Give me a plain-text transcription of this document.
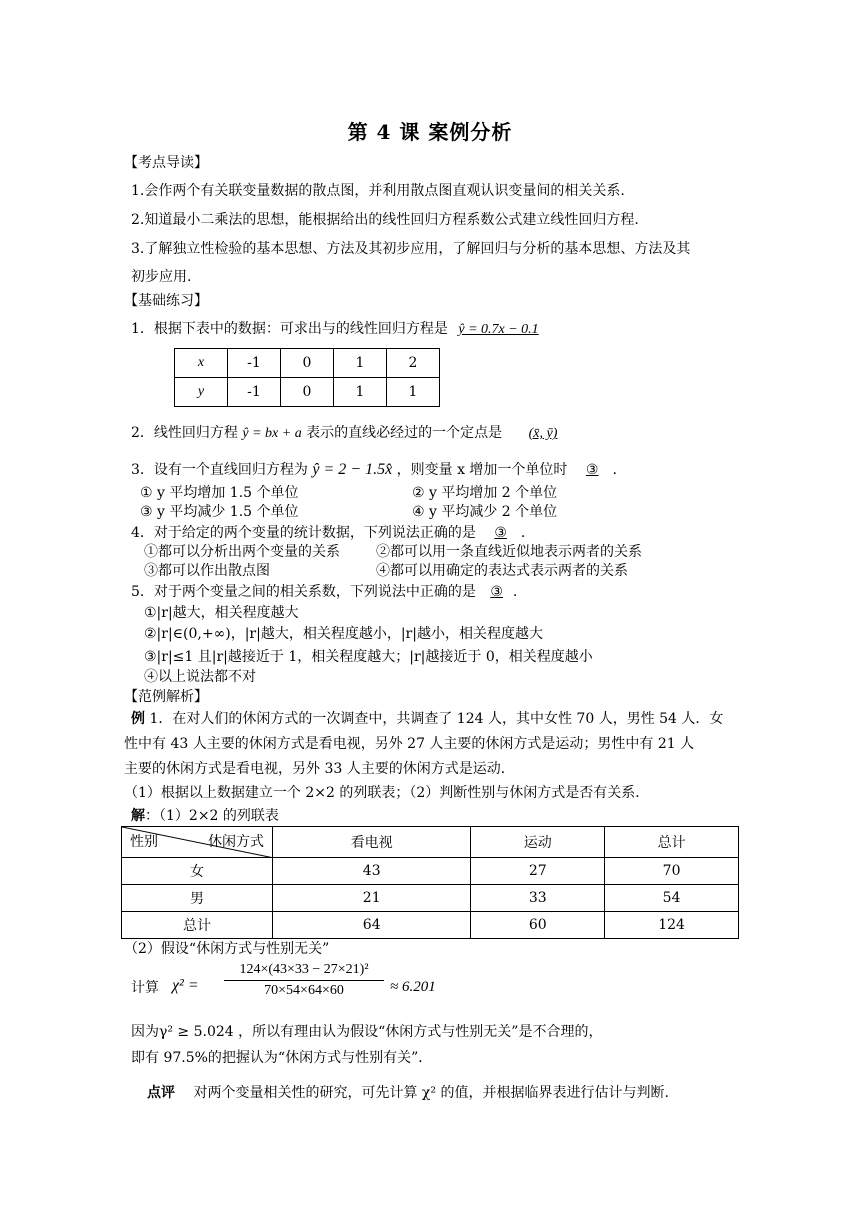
第 4 课 案例分析
【考点导读】
1.会作两个有关联变量数据的散点图，并利用散点图直观认识变量间的相关关系.
2.知道最小二乘法的思想，能根据给出的线性回归方程系数公式建立线性回归方程.
3.了解独立性检验的基本思想、方法及其初步应用，了解回归与分析的基本思想、方法及其
初步应用.
【基础练习】
1．根据下表中的数据：可求出与的线性回归方程是 ŷ = 0.7x − 0.1
x	-1	0	1	2
y	-1	0	1	1
2．线性回归方程 ŷ = bx + a 表示的直线必经过的一个定点是 (x̄, ȳ)
3．设有一个直线回归方程为 ŷ = 2 − 1.5x̂ ，则变量 x 增加一个单位时 ③ .
① y 平均增加 1.5 个单位	② y 平均增加 2 个单位
③ y 平均减少 1.5 个单位	④ y 平均减少 2 个单位
4．对于给定的两个变量的统计数据，下列说法正确的是 ③ .
①都可以分析出两个变量的关系	②都可以用一条直线近似地表示两者的关系
③都可以作出散点图	④都可以用确定的表达式表示两者的关系
5．对于两个变量之间的相关系数，下列说法中正确的是 ③ .
①|r|越大，相关程度越大
②|r|∈(0,+∞)，|r|越大，相关程度越小，|r|越小，相关程度越大
③|r|≤1 且|r|越接近于 1，相关程度越大；|r|越接近于 0，相关程度越小
④以上说法都不对
【范例解析】
例 1．在对人们的休闲方式的一次调查中，共调查了 124 人，其中女性 70 人，男性 54 人．女
性中有 43 人主要的休闲方式是看电视，另外 27 人主要的休闲方式是运动；男性中有 21 人
主要的休闲方式是看电视，另外 33 人主要的休闲方式是运动．
（1）根据以上数据建立一个 2×2 的列联表；（2）判断性别与休闲方式是否有关系．
解：（1）2×2 的列联表
性别 休闲方式	看电视	运动	总计
女	43	27	70
男	21	33	54
总计	64	60	124
（2）假设“休闲方式与性别无关”
计算 χ² =
124×(43×33 − 27×21)²
70×54×64×60	≈ 6.201
因为γ² ≥ 5.024 ，所以有理由认为假设“休闲方式与性别无关”是不合理的，
即有 97.5%的把握认为“休闲方式与性别有关”．
点评 对两个变量相关性的研究，可先计算 χ² 的值，并根据临界表进行估计与判断.
